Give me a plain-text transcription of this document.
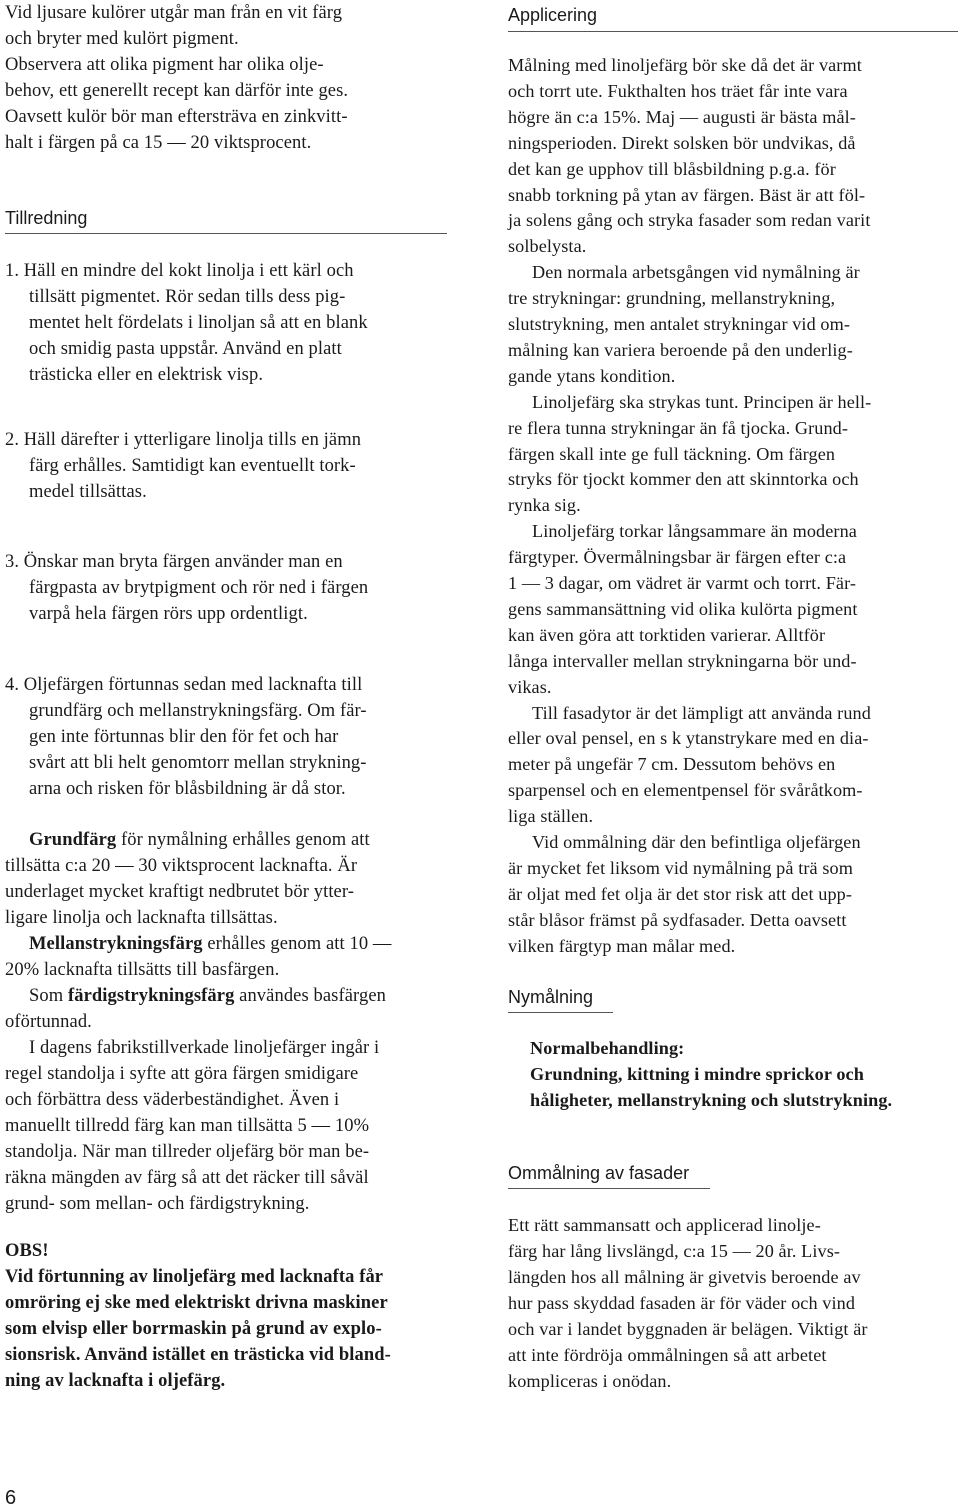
Vid ljusare kulörer utgår man från en vit färg
och bryter med kulört pigment.
Observera att olika pigment har olika olje-
behov, ett generellt recept kan därför inte ges.
Oavsett kulör bör man eftersträva en zinkvitt-
halt i färgen på ca 15 — 20 viktsprocent.
Tillredning
1. Häll en mindre del kokt linolja i ett kärl och
tillsätt pigmentet. Rör sedan tills dess pig-
mentet helt fördelats i linoljan så att en blank
och smidig pasta uppstår. Använd en platt
trästicka eller en elektrisk visp.
2. Häll därefter i ytterligare linolja tills en jämn
färg erhålles. Samtidigt kan eventuellt tork-
medel tillsättas.
3. Önskar man bryta färgen använder man en
färgpasta av brytpigment och rör ned i färgen
varpå hela färgen rörs upp ordentligt.
4. Oljefärgen förtunnas sedan med lacknafta till
grundfärg och mellanstrykningsfärg. Om fär-
gen inte förtunnas blir den för fet och har
svårt att bli helt genomtorr mellan strykning-
arna och risken för blåsbildning är då stor.
Grundfärg för nymålning erhålles genom att
tillsätta c:a 20 — 30 viktsprocent lacknafta. Är
underlaget mycket kraftigt nedbrutet bör ytter-
ligare linolja och lacknafta tillsättas.
Mellanstrykningsfärg erhålles genom att 10 —
20% lacknafta tillsätts till basfärgen.
Som färdigstrykningsfärg användes basfärgen
oförtunnad.
I dagens fabrikstillverkade linoljefärger ingår i
regel standolja i syfte att göra färgen smidigare
och förbättra dess väderbeständighet. Även i
manuellt tillredd färg kan man tillsätta 5 — 10%
standolja. När man tillreder oljefärg bör man be-
räkna mängden av färg så att det räcker till såväl
grund- som mellan- och färdigstrykning.
OBS!
Vid förtunning av linoljefärg med lacknafta får
omröring ej ske med elektriskt drivna maskiner
som elvisp eller borrmaskin på grund av explo-
sionsrisk. Använd istället en trästicka vid bland-
ning av lacknafta i oljefärg.
Applicering
Målning med linoljefärg bör ske då det är varmt
och torrt ute. Fukthalten hos träet får inte vara
högre än c:a 15%. Maj — augusti är bästa mål-
ningsperioden. Direkt solsken bör undvikas, då
det kan ge upphov till blåsbildning p.g.a. för
snabb torkning på ytan av färgen. Bäst är att föl-
ja solens gång och stryka fasader som redan varit
solbelysta.
Den normala arbetsgången vid nymålning är
tre strykningar: grundning, mellanstrykning,
slutstrykning, men antalet strykningar vid om-
målning kan variera beroende på den underlig-
gande ytans kondition.
Linoljefärg ska strykas tunt. Principen är hell-
re flera tunna strykningar än få tjocka. Grund-
färgen skall inte ge full täckning. Om färgen
stryks för tjockt kommer den att skinntorka och
rynka sig.
Linoljefärg torkar långsammare än moderna
färgtyper. Övermålningsbar är färgen efter c:a
1 — 3 dagar, om vädret är varmt och torrt. Fär-
gens sammansättning vid olika kulörta pigment
kan även göra att torktiden varierar. Alltför
långa intervaller mellan strykningarna bör und-
vikas.
Till fasadytor är det lämpligt att använda rund
eller oval pensel, en s k ytanstrykare med en dia-
meter på ungefär 7 cm. Dessutom behövs en
sparpensel och en elementpensel för svåråtkom-
liga ställen.
Vid ommålning där den befintliga oljefärgen
är mycket fet liksom vid nymålning på trä som
är oljat med fet olja är det stor risk att det upp-
står blåsor främst på sydfasader. Detta oavsett
vilken färgtyp man målar med.
Nymålning
Normalbehandling:
Grundning, kittning i mindre sprickor och
håligheter, mellanstrykning och slutstrykning.
Ommålning av fasader
Ett rätt sammansatt och applicerad linolje-
färg har lång livslängd, c:a 15 — 20 år. Livs-
längden hos all målning är givetvis beroende av
hur pass skyddad fasaden är för väder och vind
och var i landet byggnaden är belägen. Viktigt är
att inte fördröja ommålningen så att arbetet
kompliceras i onödan.
6
